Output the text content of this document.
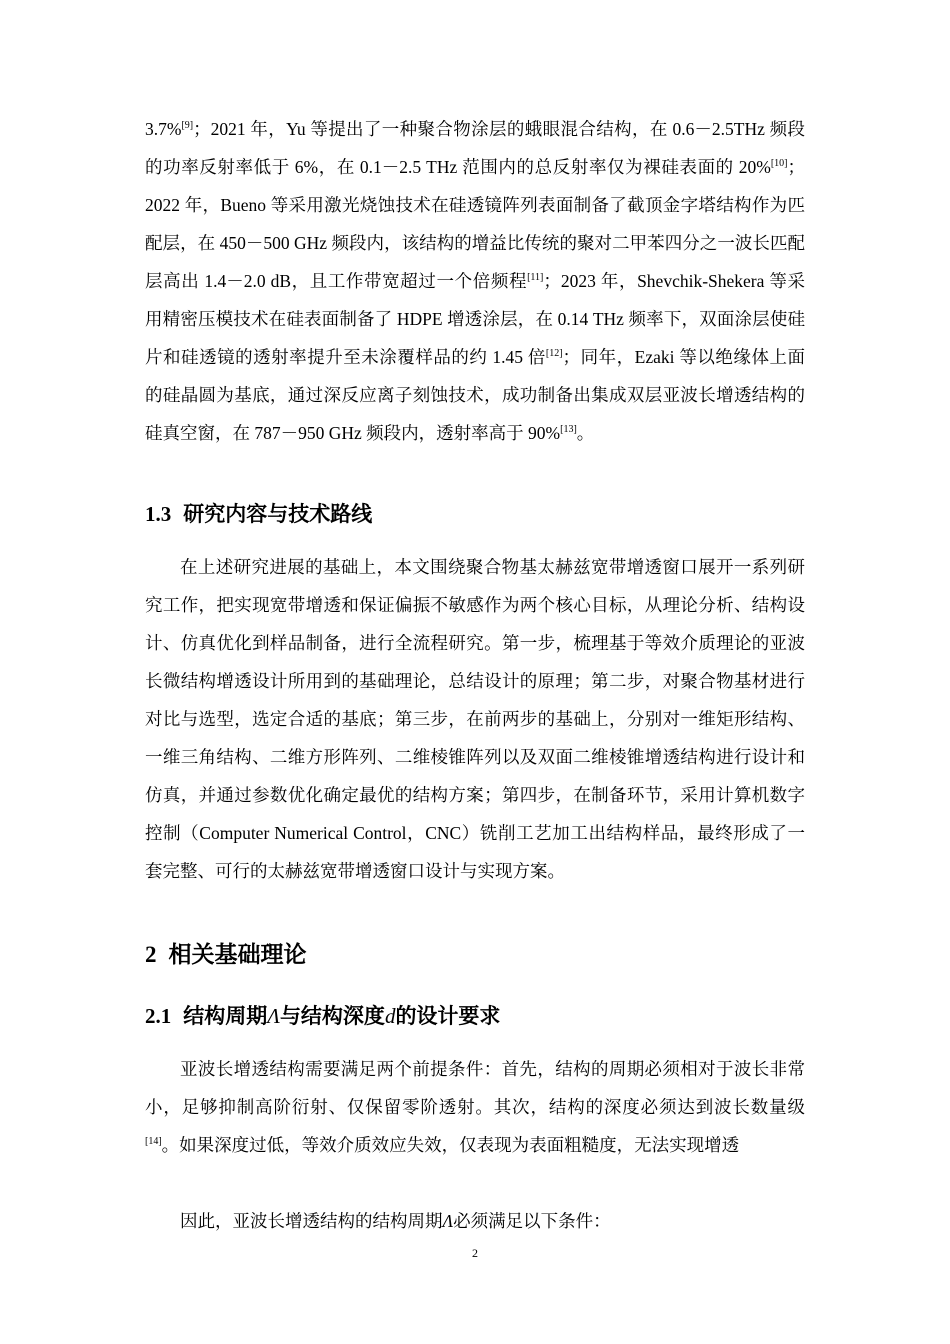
3.7%[9]；2021 年，Yu 等提出了一种聚合物涂层的蛾眼混合结构，在 0.6－2.5THz 频段的功率反射率低于 6%，在 0.1－2.5 THz 范围内的总反射率仅为裸硅表面的 20%[10]；2022 年，Bueno 等采用激光烧蚀技术在硅透镜阵列表面制备了截顶金字塔结构作为匹配层，在 450－500 GHz 频段内，该结构的增益比传统的聚对二甲苯四分之一波长匹配层高出 1.4－2.0 dB，且工作带宽超过一个倍频程[11]；2023 年，Shevchik-Shekera 等采用精密压模技术在硅表面制备了 HDPE 增透涂层，在 0.14 THz 频率下，双面涂层使硅片和硅透镜的透射率提升至未涂覆样品的约 1.45 倍[12]；同年，Ezaki 等以绝缘体上面的硅晶圆为基底，通过深反应离子刻蚀技术，成功制备出集成双层亚波长增透结构的硅真空窗，在 787－950 GHz 频段内，透射率高于 90%[13]。

1.3 研究内容与技术路线

在上述研究进展的基础上，本文围绕聚合物基太赫兹宽带增透窗口展开一系列研究工作，把实现宽带增透和保证偏振不敏感作为两个核心目标，从理论分析、结构设计、仿真优化到样品制备，进行全流程研究。第一步，梳理基于等效介质理论的亚波长微结构增透设计所用到的基础理论，总结设计的原理；第二步，对聚合物基材进行对比与选型，选定合适的基底；第三步，在前两步的基础上，分别对一维矩形结构、一维三角结构、二维方形阵列、二维棱锥阵列以及双面二维棱锥增透结构进行设计和仿真，并通过参数优化确定最优的结构方案；第四步，在制备环节，采用计算机数字控制（Computer Numerical Control，CNC）铣削工艺加工出结构样品，最终形成了一套完整、可行的太赫兹宽带增透窗口设计与实现方案。

2 相关基础理论
2.1 结构周期Λ与结构深度d的设计要求

亚波长增透结构需要满足两个前提条件：首先，结构的周期必须相对于波长非常小，足够抑制高阶衍射、仅保留零阶透射。其次，结构的深度必须达到波长数量级[14]。如果深度过低，等效介质效应失效，仅表现为表面粗糙度，无法实现增透

因此，亚波长增透结构的结构周期Λ必须满足以下条件：

2
